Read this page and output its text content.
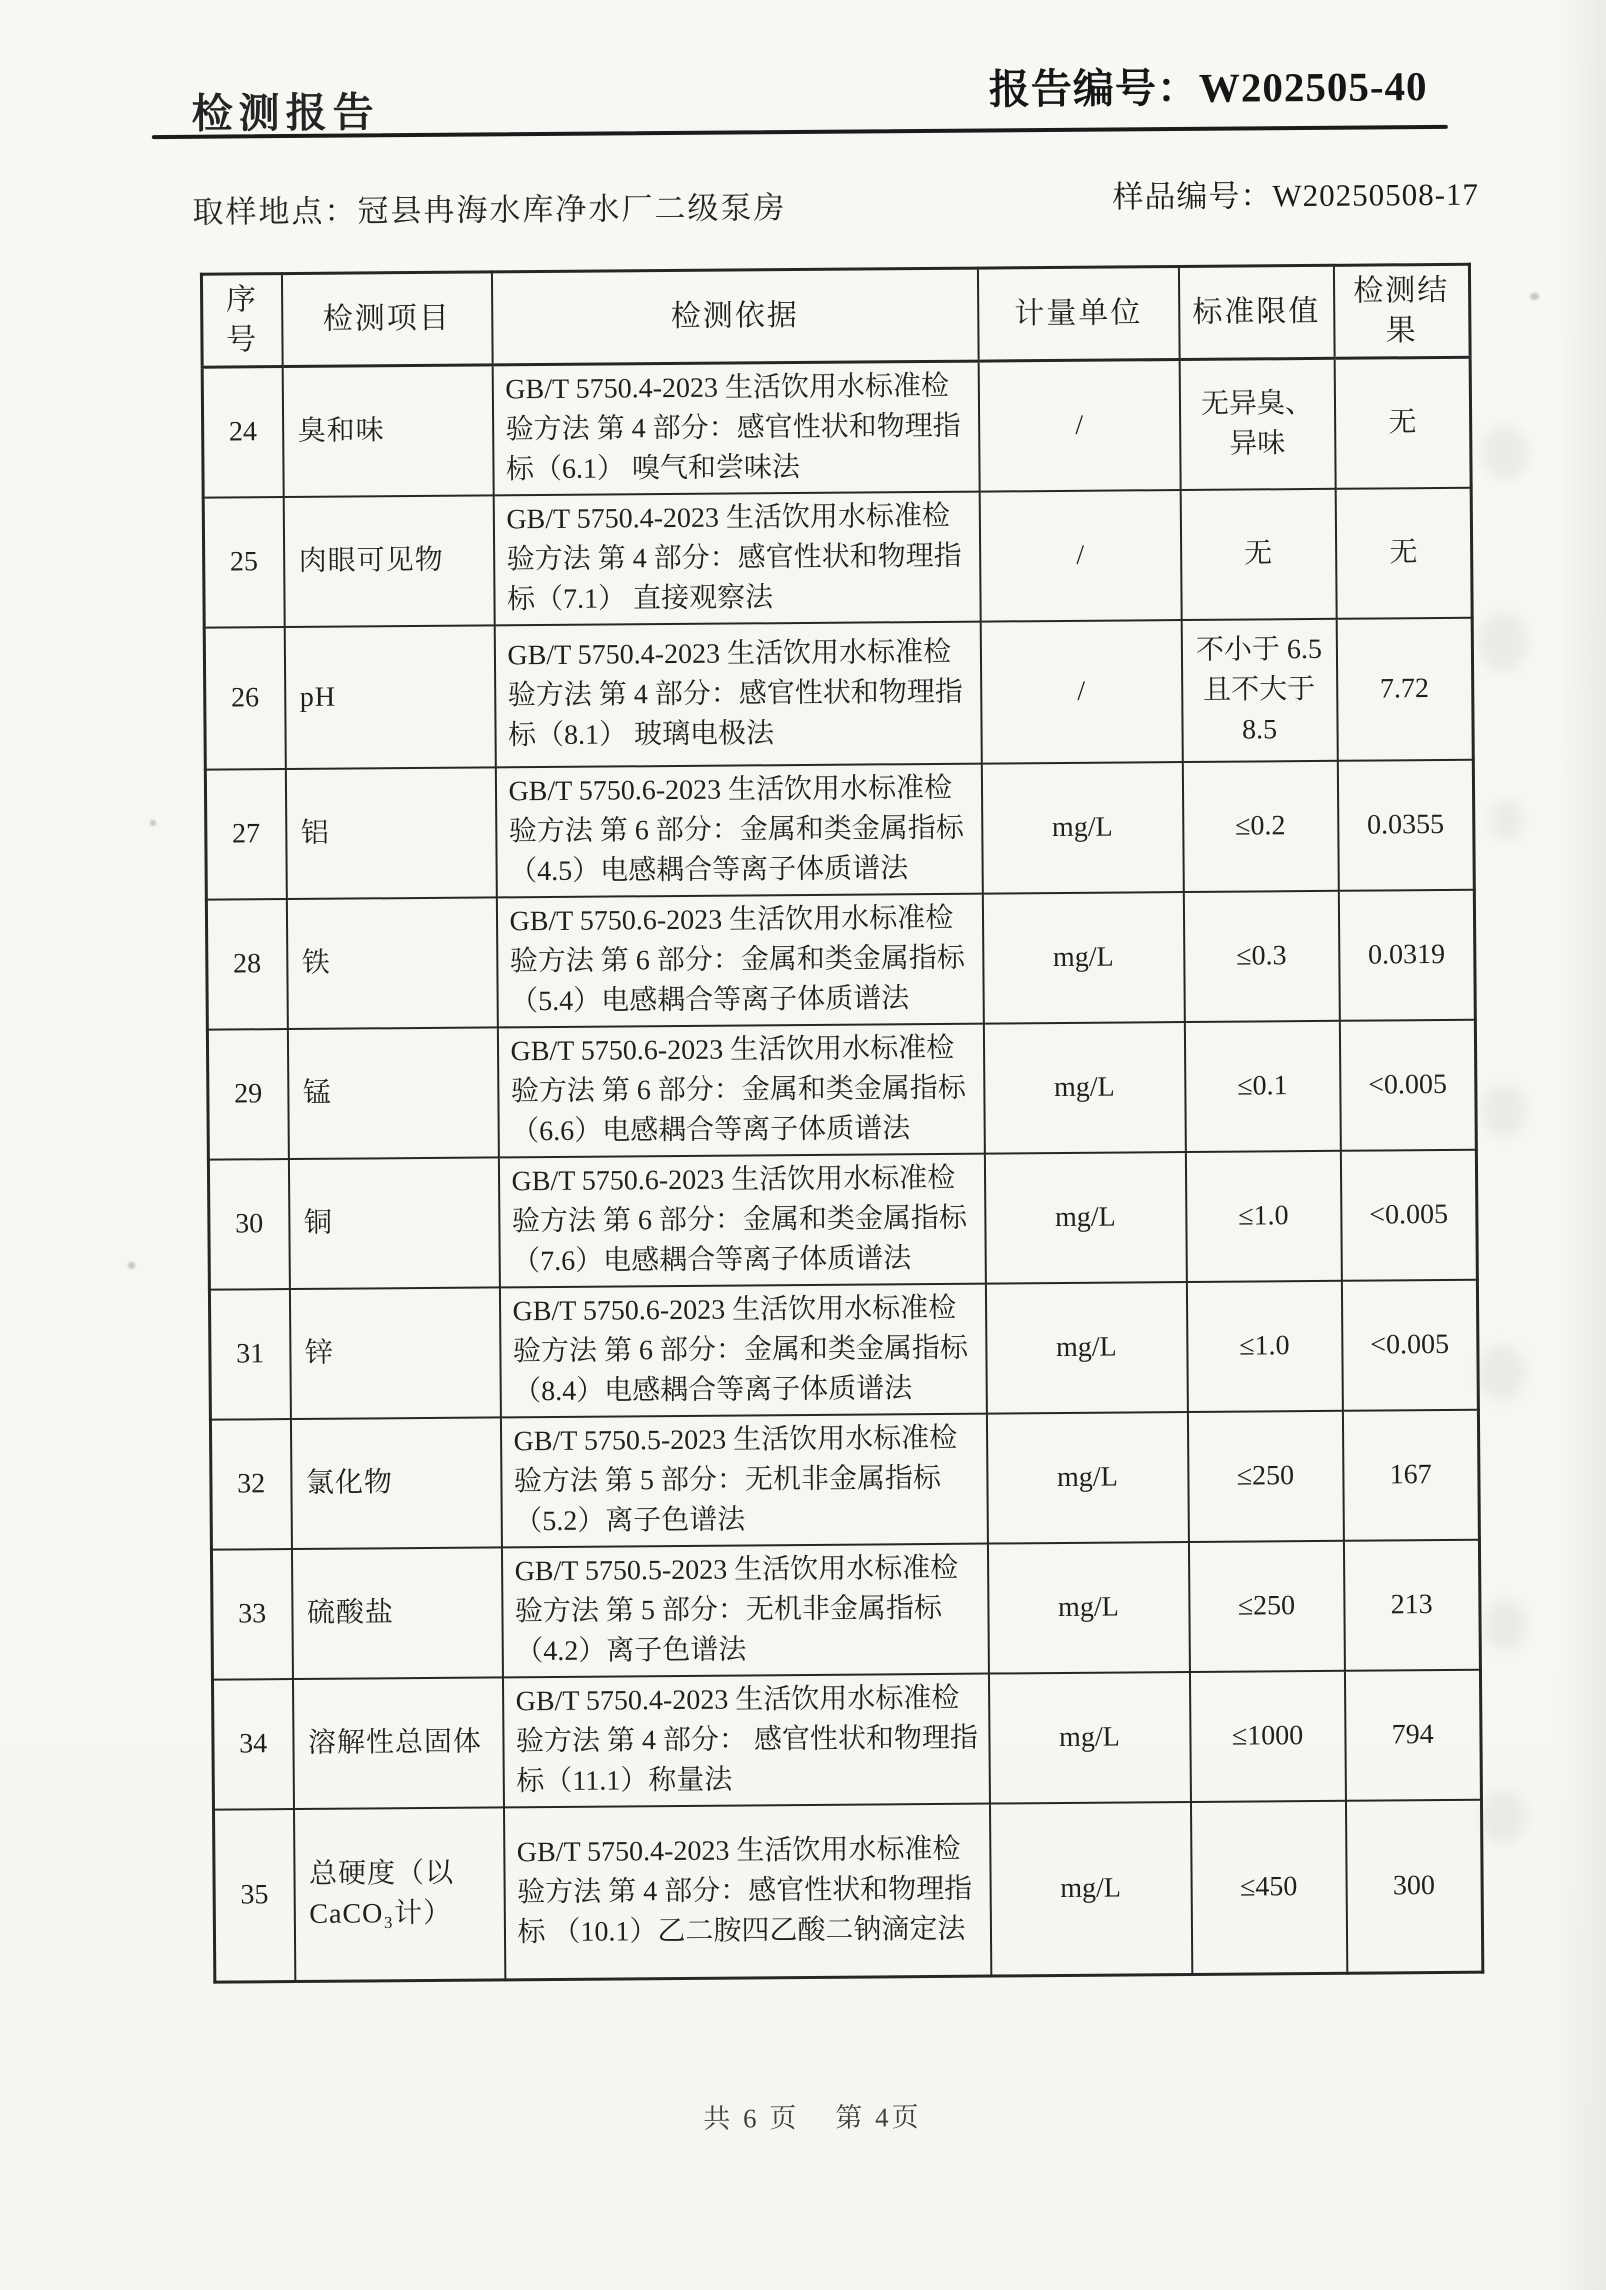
检测报告
报告编号：W202505-40
取样地点：冠县冉海水库净水厂二级泵房	样品编号：W20250508-17
序号	检测项目	检测依据	计量单位	标准限值	检测结果
24	臭和味	GB/T 5750.4-2023 生活饮用水标准检验方法 第 4 部分：感官性状和物理指标（6.1） 嗅气和尝味法	/	无异臭、异味	无
25	肉眼可见物	GB/T 5750.4-2023 生活饮用水标准检验方法 第 4 部分：感官性状和物理指标（7.1） 直接观察法	/	无	无
26	pH	GB/T 5750.4-2023 生活饮用水标准检验方法 第 4 部分：感官性状和物理指标（8.1） 玻璃电极法	/	不小于 6.5 且不大于 8.5	7.72
27	铝	GB/T 5750.6-2023 生活饮用水标准检验方法 第 6 部分：金属和类金属指标（4.5）电感耦合等离子体质谱法	mg/L	≤0.2	0.0355
28	铁	GB/T 5750.6-2023 生活饮用水标准检验方法 第 6 部分：金属和类金属指标（5.4）电感耦合等离子体质谱法	mg/L	≤0.3	0.0319
29	锰	GB/T 5750.6-2023 生活饮用水标准检验方法 第 6 部分：金属和类金属指标（6.6）电感耦合等离子体质谱法	mg/L	≤0.1	<0.005
30	铜	GB/T 5750.6-2023 生活饮用水标准检验方法 第 6 部分：金属和类金属指标（7.6）电感耦合等离子体质谱法	mg/L	≤1.0	<0.005
31	锌	GB/T 5750.6-2023 生活饮用水标准检验方法 第 6 部分：金属和类金属指标（8.4）电感耦合等离子体质谱法	mg/L	≤1.0	<0.005
32	氯化物	GB/T 5750.5-2023 生活饮用水标准检验方法 第 5 部分：无机非金属指标（5.2）离子色谱法	mg/L	≤250	167
33	硫酸盐	GB/T 5750.5-2023 生活饮用水标准检验方法 第 5 部分：无机非金属指标（4.2）离子色谱法	mg/L	≤250	213
34	溶解性总固体	GB/T 5750.4-2023 生活饮用水标准检验方法 第 4 部分： 感官性状和物理指标（11.1）称量法	mg/L	≤1000	794
35	总硬度（以CaCO₃计）	GB/T 5750.4-2023 生活饮用水标准检验方法 第 4 部分：感官性状和物理指标 （10.1）乙二胺四乙酸二钠滴定法	mg/L	≤450	300
共 6 页 第 4页
